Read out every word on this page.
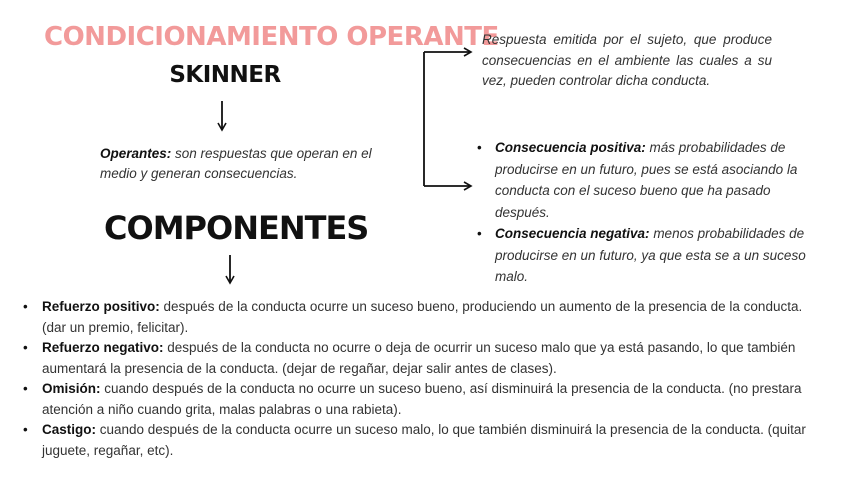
CONDICIONAMIENTO OPERANTE
SKINNER
Operantes: son respuestas que operan en el medio y generan consecuencias.
COMPONENTES
Respuesta emitida por el sujeto, que produce consecuencias en el ambiente las cuales a su vez, pueden controlar dicha conducta.
• Consecuencia positiva: más probabilidades de producirse en un futuro, pues se está asociando la conducta con el suceso bueno que ha pasado después.
• Consecuencia negativa: menos probabilidades de producirse en un futuro, ya que esta se a un suceso malo.
• Refuerzo positivo: después de la conducta ocurre un suceso bueno, produciendo un aumento de la presencia de la conducta.(dar un premio, felicitar).
• Refuerzo negativo: después de la conducta no ocurre o deja de ocurrir un suceso malo que ya está pasando, lo que también aumentará la presencia de la conducta. (dejar de regañar, dejar salir antes de clases).
• Omisión: cuando después de la conducta no ocurre un suceso bueno, así disminuirá la presencia de la conducta. (no prestara atención a niño cuando grita, malas palabras o una rabieta).
• Castigo: cuando después de la conducta ocurre un suceso malo, lo que también disminuirá la presencia de la conducta. (quitar juguete, regañar, etc).
